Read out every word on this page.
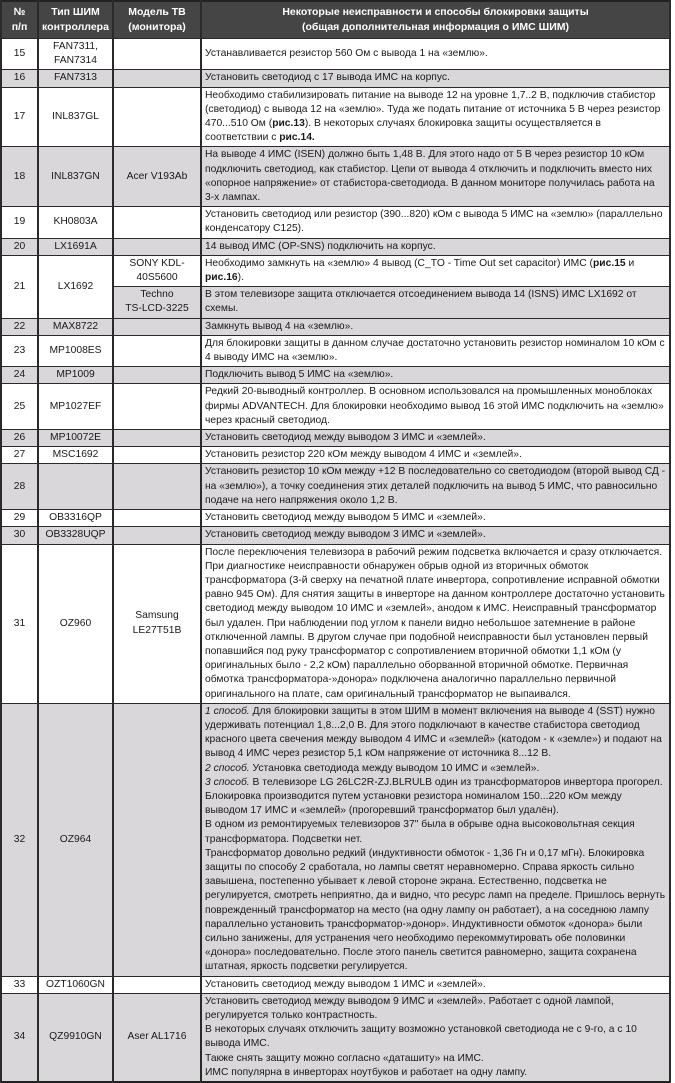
№
п/п	Тип ШИМ
контроллера	Модель ТВ
(монитора)	Некоторые неисправности и способы блокировки защиты
(общая дополнительная информация о ИМС ШИМ)

15	FAN7311,
FAN7314		Устанавливается резистор 560 Ом с вывода 1 на «землю».
16	FAN7313		Установить светодиод с 17 вывода ИМС на корпус.
17	INL837GL		Необходимо стабилизировать питание на выводе 12 на уровне 1,7..2 В, подключив стабистор (светодиод) с вывода 12 на «землю». Туда же подать питание от источника 5 В через резистор 470...510 Ом (рис.13). В некоторых случаях блокировка защиты осуществляется в соответствии с рис.14.
18	INL837GN	Acer V193Ab	На выводе 4 ИМС (ISEN) должно быть 1,48 В. Для этого надо от 5 В через резистор 10 кОм подключить светодиод, как стабистор. Цепи от вывода 4 отключить и подключить вместо них «опорное напряжение» от стабистора-светодиода. В данном мониторе получилась работа на 3-х лампах.
19	KH0803A		Установить светодиод или резистор (390...820) кОм с вывода 5 ИМС на «землю» (параллельно конденсатору С125).
20	LX1691A		14 вывод ИМС (OP-SNS) подключить на корпус.
21	LX1692	SONY KDL-
40S5600	Необходимо замкнуть на «землю» 4 вывод (C_TO - Time Out set capacitor) ИМС (рис.15 и рис.16).

		Techno
TS-LCD-3225	В этом телевизоре защита отключается отсоединением вывода 14 (ISNS) ИМС LX1692 от схемы.
22	MAX8722		Замкнуть вывод 4 на «землю».
23	MP1008ES		Для блокировки защиты в данном случае достаточно установить резистор номиналом 10 кОм с 4 выводу ИМС на «землю».
24	MP1009		Подключить вывод 5 ИМС на «землю».
25	MP1027EF		Редкий 20-выводный контроллер. В основном использовался на промышленных моноблоках фирмы ADVANTECH. Для блокировки необходимо вывод 16 этой ИМС подключить на «землю» через красный светодиод.
26	MP10072E		Установить светодиод между выводом 3 ИМС и «землей».
27	MSC1692		Установить резистор 220 кОм между выводом 4 ИМС и «землей».
28			Установить резистор 10 кОм между +12 В последовательно со светодиодом (второй вывод СД - на «землю»), а точку соединения этих деталей подключить на вывод 5 ИМС, что равносильно подаче на него напряжения около 1,2 В.
29	OB3316QP		Установить светодиод между выводом 5 ИМС и «землей».
30	OB3328UQP		Установить светодиод между выводом 3 ИМС и «землей».
31	OZ960	Samsung
LE27T51B	После переключения телевизора в рабочий режим подсветка включается и сразу отключается. При диагностике неисправности обнаружен обрыв одной из вторичных обмоток трансформатора (3-й сверху на печатной плате инвертора, сопротивление исправной обмотки равно 945 Ом). Для снятия защиты в инверторе на данном контроллере достаточно установить светодиод между выводом 10 ИМС и «землей», анодом к ИМС. Неисправный трансформатор был удален. При наблюдении под углом к панели видно небольшое затемнение в районе отключенной лампы. В другом случае при подобной неисправности был установлен первый попавшийся под руку трансформатор с сопротивлением вторичной обмотки 1,1 кОм (у оригинальных было - 2,2 кОм) параллельно оборванной вторичной обмотке. Первичная обмотка трансформатора-»донора» подключена аналогично параллельно первичной оригинального на плате, сам оригинальный трансформатор не выпаивался.
32	OZ964		1 способ. Для блокировки защиты в этом ШИМ в момент включения на выводе 4 (SST) нужно удерживать потенциал 1,8...2,0 В. Для этого подключают в качестве стабистора светодиод красного цвета свечения между выводом 4 ИМС и «землей» (катодом - к «земле») и подают на вывод 4 ИМС через резистор 5,1 кОм напряжение от источника 8...12 В.
2 способ. Установка светодиода между выводом 10 ИМС и «землей».
3 способ. В телевизоре LG 26LC2R-ZJ.BLRULB один из трансформаторов инвертора прогорел. Блокировка производится путем установки резистора номиналом 150...220 кОм между выводом 17 ИМС и «землей» (прогоревший трансформатор был удалён).
В одном из ремонтируемых телевизоров 37" была в обрыве одна высоковольтная секция трансформатора. Подсветки нет.
Трансформатор довольно редкий (индуктивности обмоток - 1,36 Гн и 0,17 мГн). Блокировка защиты по способу 2 сработала, но лампы светят неравномерно. Справа яркость сильно завышена, постепенно убывает к левой стороне экрана. Естественно, подсветка не регулируется, смотреть неприятно, да и видно, что ресурс ламп на пределе. Пришлось вернуть поврежденный трансформатор на место (на одну лампу он работает), а на соседнюю лампу параллельно установить трансформатор-»донор». Индуктивности обмоток «донора» были сильно занижены, для устранения чего необходимо перекоммутировать обе половинки «донора» последовательно. После этого панель светится равномерно, защита сохранена штатная, яркость подсветки регулируется.

33	OZT1060GN		Установить светодиод между выводом 1 ИМС и «землей».
34	QZ9910GN	Aser AL1716	Установить светодиод между выводом 9 ИМС и «землей». Работает с одной лампой, регулируется только контрастность.
В некоторых случаях отключить защиту возможно установкой светодиода не с 9-го, а с 10 вывода ИМС.
Также снять защиту можно согласно «даташиту» на ИМС.
ИМС популярна в инверторах ноутбуков и работает на одну лампу.
